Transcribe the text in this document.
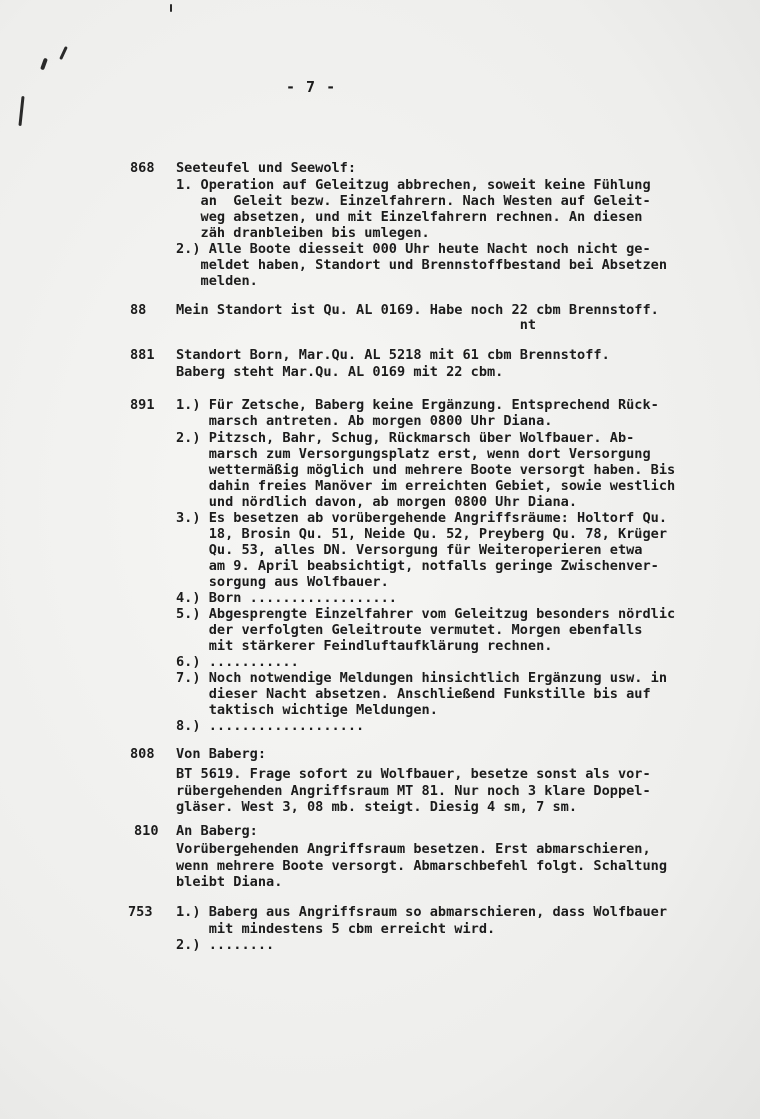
- 7 -
868 Seeteufel und Seewolf:
1. Operation auf Geleitzug abbrechen, soweit keine Fühlung
an  Geleit bezw. Einzelfahrern. Nach Westen auf Geleit-
weg absetzen, und mit Einzelfahrern rechnen. An diesen
zäh dranbleiben bis umlegen.
2.) Alle Boote diesseit 000 Uhr heute Nacht noch nicht ge-
meldet haben, Standort und Brennstoffbestand bei Absetzen
melden.
88 Mein Standort ist Qu. AL 0169. Habe noch 22 cbm Brennstoff.
nt
881 Standort Born, Mar.Qu. AL 5218 mit 61 cbm Brennstoff.
Baberg steht Mar.Qu. AL 0169 mit 22 cbm.
891 1.) Für Zetsche, Baberg keine Ergänzung. Entsprechend Rück-
marsch antreten. Ab morgen 0800 Uhr Diana.
2.) Pitzsch, Bahr, Schug, Rückmarsch über Wolfbauer. Ab-
marsch zum Versorgungsplatz erst, wenn dort Versorgung
wettermäßig möglich und mehrere Boote versorgt haben. Bis
dahin freies Manöver im erreichten Gebiet, sowie westlich
und nördlich davon, ab morgen 0800 Uhr Diana.
3.) Es besetzen ab vorübergehende Angriffsräume: Holtorf Qu.
18, Brosin Qu. 51, Neide Qu. 52, Preyberg Qu. 78, Krüger
Qu. 53, alles DN. Versorgung für Weiteroperieren etwa
am 9. April beabsichtigt, notfalls geringe Zwischenver-
sorgung aus Wolfbauer.
4.) Born ..................
5.) Abgesprengte Einzelfahrer vom Geleitzug besonders nördlic
der verfolgten Geleitroute vermutet. Morgen ebenfalls
mit stärkerer Feindluftaufklärung rechnen.
6.) ...........
7.) Noch notwendige Meldungen hinsichtlich Ergänzung usw. in
dieser Nacht absetzen. Anschließend Funkstille bis auf
taktisch wichtige Meldungen.
8.) ...................
808 Von Baberg:
BT 5619. Frage sofort zu Wolfbauer, besetze sonst als vor-
rübergehenden Angriffsraum MT 81. Nur noch 3 klare Doppel-
gläser. West 3, 08 mb. steigt. Diesig 4 sm, 7 sm.
810 An Baberg:
Vorübergehenden Angriffsraum besetzen. Erst abmarschieren,
wenn mehrere Boote versorgt. Abmarschbefehl folgt. Schaltung
bleibt Diana.
753 1.) Baberg aus Angriffsraum so abmarschieren, dass Wolfbauer
mit mindestens 5 cbm erreicht wird.
2.) ........
